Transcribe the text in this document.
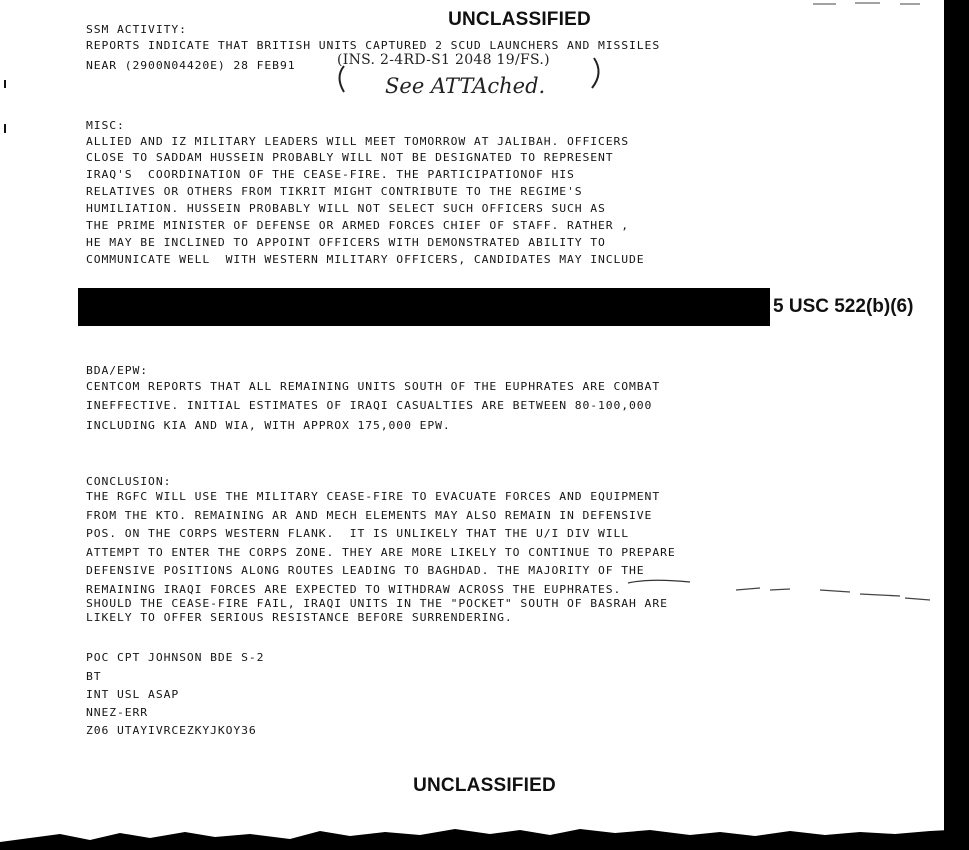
UNCLASSIFIED
SSM ACTIVITY:
REPORTS INDICATE THAT BRITISH UNITS CAPTURED 2 SCUD LAUNCHERS AND MISSILES
NEAR (2900N04420E) 28 FEB91	(INS. 2-4RD-S1 2048 19/FS.)
See ATTAched.
MISC:
ALLIED AND IZ MILITARY LEADERS WILL MEET TOMORROW AT JALIBAH. OFFICERS
CLOSE TO SADDAM HUSSEIN PROBABLY WILL NOT BE DESIGNATED TO REPRESENT
IRAQ'S  COORDINATION OF THE CEASE-FIRE. THE PARTICIPATIONOF HIS
RELATIVES OR OTHERS FROM TIKRIT MIGHT CONTRIBUTE TO THE REGIME'S
HUMILIATION. HUSSEIN PROBABLY WILL NOT SELECT SUCH OFFICERS SUCH AS
THE PRIME MINISTER OF DEFENSE OR ARMED FORCES CHIEF OF STAFF. RATHER ,
HE MAY BE INCLINED TO APPOINT OFFICERS WITH DEMONSTRATED ABILITY TO
COMMUNICATE WELL  WITH WESTERN MILITARY OFFICERS, CANDIDATES MAY INCLUDE
5 USC 522(b)(6)
BDA/EPW:
CENTCOM REPORTS THAT ALL REMAINING UNITS SOUTH OF THE EUPHRATES ARE COMBAT
INEFFECTIVE. INITIAL ESTIMATES OF IRAQI CASUALTIES ARE BETWEEN 80-100,000
INCLUDING KIA AND WIA, WITH APPROX 175,000 EPW.
CONCLUSION:
THE RGFC WILL USE THE MILITARY CEASE-FIRE TO EVACUATE FORCES AND EQUIPMENT
FROM THE KTO. REMAINING AR AND MECH ELEMENTS MAY ALSO REMAIN IN DEFENSIVE
POS. ON THE CORPS WESTERN FLANK.  IT IS UNLIKELY THAT THE U/I DIV WILL
ATTEMPT TO ENTER THE CORPS ZONE. THEY ARE MORE LIKELY TO CONTINUE TO PREPARE
DEFENSIVE POSITIONS ALONG ROUTES LEADING TO BAGHDAD. THE MAJORITY OF THE
REMAINING IRAQI FORCES ARE EXPECTED TO WITHDRAW ACROSS THE EUPHRATES.
SHOULD THE CEASE-FIRE FAIL, IRAQI UNITS IN THE "POCKET" SOUTH OF BASRAH ARE
LIKELY TO OFFER SERIOUS RESISTANCE BEFORE SURRENDERING.
POC CPT JOHNSON BDE S-2
BT
INT USL ASAP
NNEZ-ERR
Z06 UTAYIVRCEZKYJKOY36
UNCLASSIFIED
